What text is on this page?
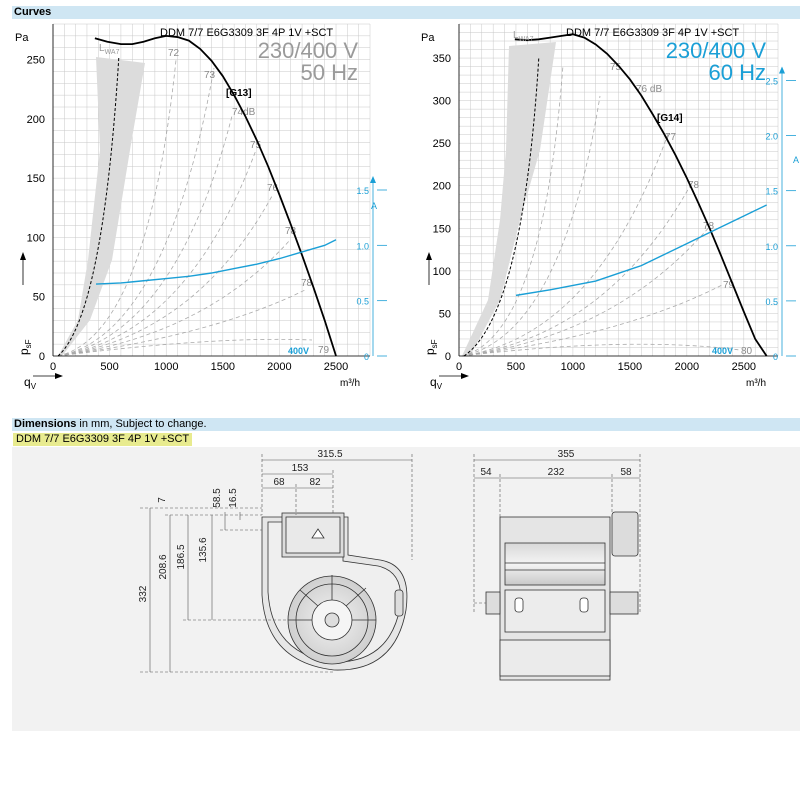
Curves
Dimensions in mm, Subject to change.
DDM 7/7 E6G3309 3F 4P 1V +SCT
72
73
74dB
75
76
78
78
79
0	500	1000	1500	2000	2500
0
50
100
150
200
250
0
0.5
1.0
1.5
DDM 7/7 E6G3309 3F 4P 1V +SCT
230/400 V
50 Hz
[G13]
Pa
m³/h
A
400V
$p_{sF}$
$q_V$
$L_{WA7}$
75
76 dB
77
78
78
79
80
0	500	1000	1500	2000	2500
0
50
100
150
200
250
300
350
0
0.5
1.0
1.5
2.0
2.5
DDM 7/7 E6G3309 3F 4P 1V +SCT
230/400 V
60 Hz
[G14]
Pa
m³/h
A
400V
$p_{sF}$
$q_V$
$L_{WA7}$
315.5
153
68 82
7	58.5 16.5
135.6
186.5
208.6
332
355
54	232	58
